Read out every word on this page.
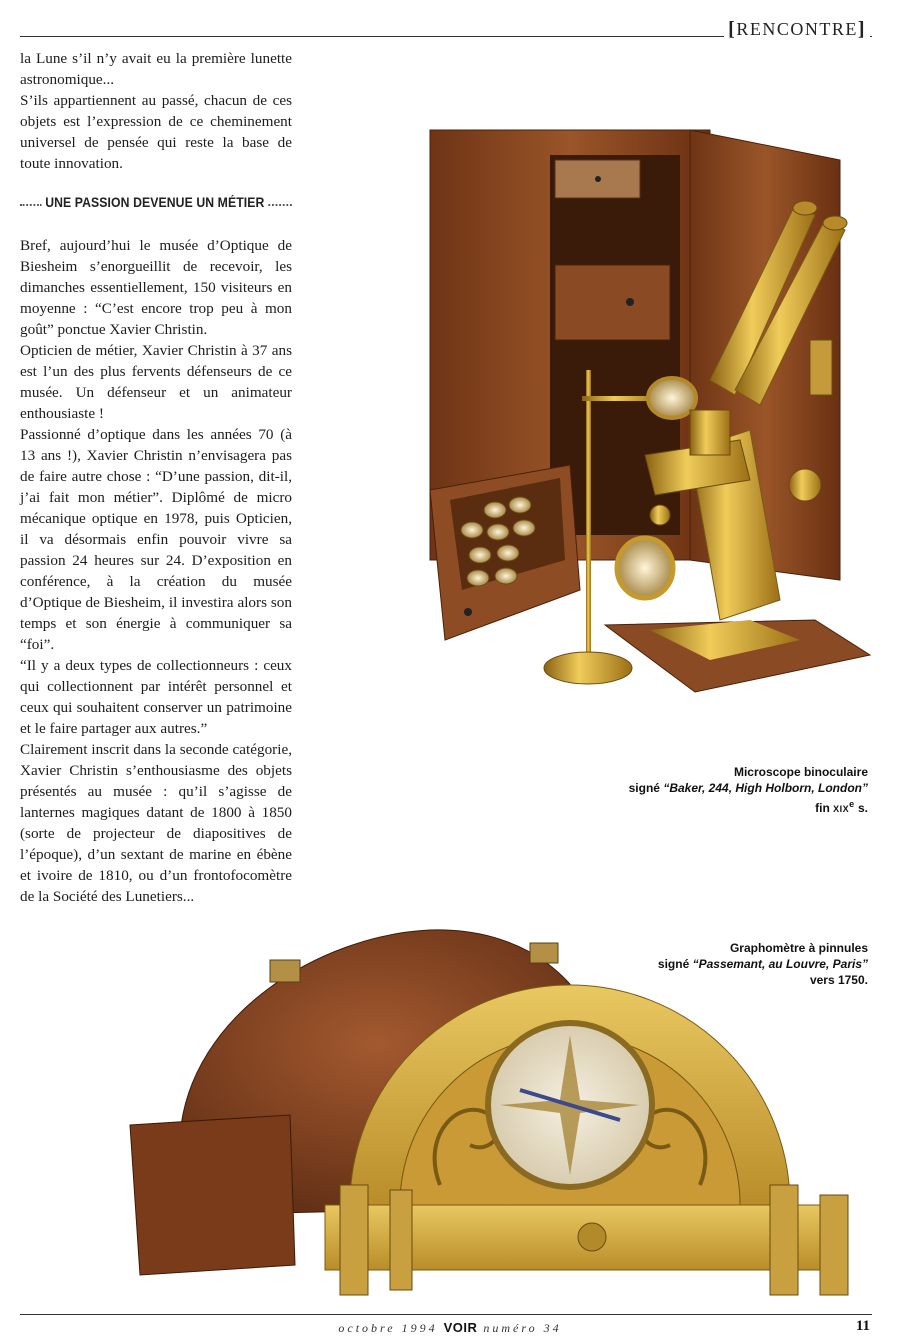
[RENCONTRE]

la Lune s’il n’y avait eu la première lunette astronomique...

S’ils appartiennent au passé, chacun de ces objets est l’expression de ce cheminement universel de pensée qui reste la base de toute innovation.

UNE PASSION DEVENUE UN MÉTIER

Bref, aujourd’hui le musée d’Optique de Biesheim s’enorgueillit de recevoir, les dimanches essentiellement, 150 visiteurs en moyenne : “C’est encore trop peu à mon goût” ponctue Xavier Christin.

Opticien de métier, Xavier Christin à 37 ans est l’un des plus fervents défenseurs de ce musée. Un défenseur et un animateur enthousiaste !

Passionné d’optique dans les années 70 (à 13 ans !), Xavier Christin n’envisagera pas de faire autre chose : “D’une passion, dit-il, j’ai fait mon métier”. Diplômé de micro mécanique optique en 1978, puis Opticien, il va désormais enfin pouvoir vivre sa passion 24 heures sur 24. D’exposition en conférence, à la création du musée d’Optique de Biesheim, il investira alors son temps et son énergie à communiquer sa “foi”.

“Il y a deux types de collectionneurs : ceux qui collectionnent par intérêt personnel et ceux qui souhaitent conserver un patrimoine et le faire partager aux autres.”

Clairement inscrit dans la seconde catégorie, Xavier Christin s’enthousiasme des objets présentés au musée : qu’il s’agisse de lanternes magiques datant de 1800 à 1850 (sorte de projecteur de diapositives de l’époque), d’un sextant de marine en ébène et ivoire de 1810, ou d’un frontofocomètre de la Société des Lunetiers...

Microscope binoculaire
signé “Baker, 244, High Holborn, London”
fin XIXe s.
Graphomètre à pinnules
signé “Passemant, au Louvre, Paris”
vers 1750.
octobre 1994 VOIR numéro 34	11
